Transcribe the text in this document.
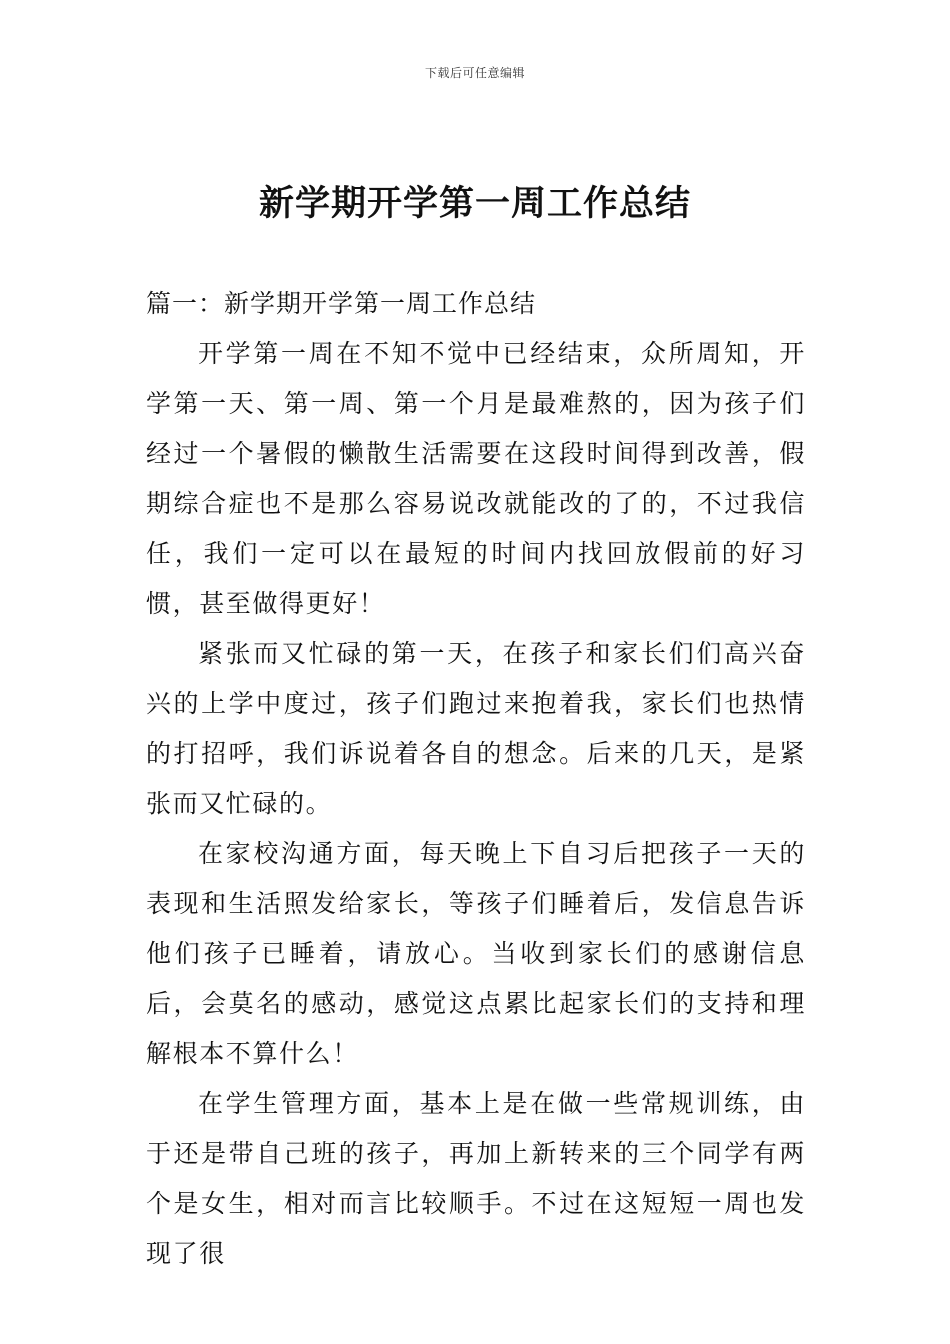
下载后可任意编辑
新学期开学第一周工作总结

篇一：新学期开学第一周工作总结

开学第一周在不知不觉中已经结束，众所周知，开学第一天、第一周、第一个月是最难熬的，因为孩子们经过一个暑假的懒散生活需要在这段时间得到改善，假期综合症也不是那么容易说改就能改的了的，不过我信任，我们一定可以在最短的时间内找回放假前的好习惯，甚至做得更好！

紧张而又忙碌的第一天，在孩子和家长们们高兴奋兴的上学中度过，孩子们跑过来抱着我，家长们也热情的打招呼，我们诉说着各自的想念。后来的几天，是紧张而又忙碌的。

在家校沟通方面，每天晚上下自习后把孩子一天的表现和生活照发给家长，等孩子们睡着后，发信息告诉他们孩子已睡着，请放心。当收到家长们的感谢信息后，会莫名的感动，感觉这点累比起家长们的支持和理解根本不算什么！

在学生管理方面，基本上是在做一些常规训练，由于还是带自己班的孩子，再加上新转来的三个同学有两个是女生，相对而言比较顺手。不过在这短短一周也发现了很
